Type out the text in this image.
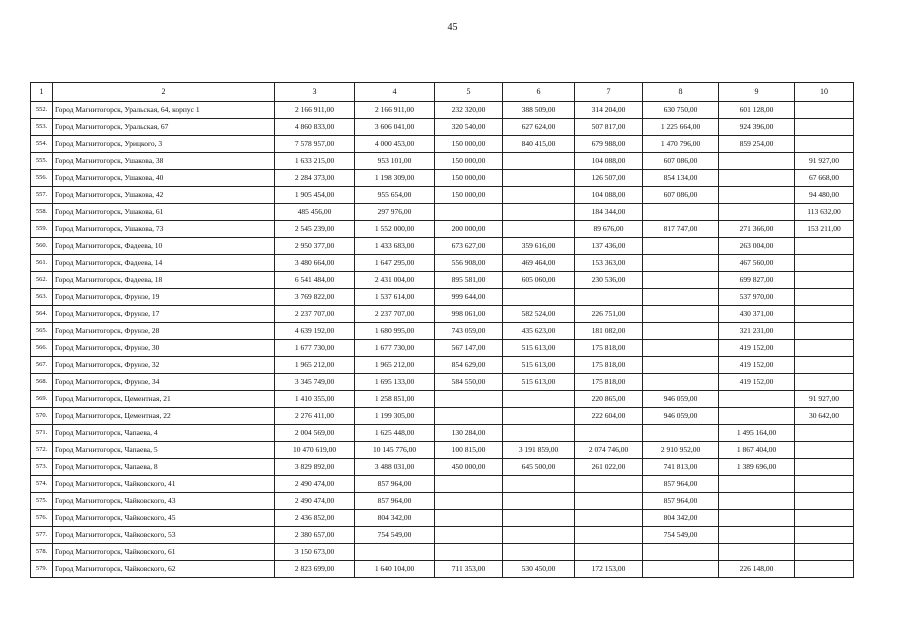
45
1	2	3	4	5	6	7	8	9	10
552.	Город Магнитогорск, Уральская, 64, корпус 1	2 166 911,00	2 166 911,00	232 320,00	388 509,00	314 204,00	630 750,00	601 128,00	
553.	Город Магнитогорск, Уральская, 67	4 860 833,00	3 606 041,00	320 540,00	627 624,00	507 817,00	1 225 664,00	924 396,00	
554.	Город Магнитогорск, Урицкого, 3	7 578 957,00	4 000 453,00	150 000,00	840 415,00	679 988,00	1 470 796,00	859 254,00	
555.	Город Магнитогорск, Ушакова, 38	1 633 215,00	953 101,00	150 000,00		104 088,00	607 086,00		91 927,00
556.	Город Магнитогорск, Ушакова, 40	2 284 373,00	1 198 309,00	150 000,00		126 507,00	854 134,00		67 668,00
557.	Город Магнитогорск, Ушакова, 42	1 905 454,00	955 654,00	150 000,00		104 088,00	607 086,00		94 480,00
558.	Город Магнитогорск, Ушакова, 61	485 456,00	297 976,00			184 344,00			113 632,00
559.	Город Магнитогорск, Ушакова, 73	2 545 239,00	1 552 000,00	200 000,00		89 676,00	817 747,00	271 366,00	153 211,00
560.	Город Магнитогорск, Фадеева, 10	2 950 377,00	1 433 683,00	673 627,00	359 616,00	137 436,00		263 004,00	
561.	Город Магнитогорск, Фадеева, 14	3 480 664,00	1 647 295,00	556 908,00	469 464,00	153 363,00		467 560,00	
562.	Город Магнитогорск, Фадеева, 18	6 541 484,00	2 431 004,00	895 581,00	605 060,00	230 536,00		699 827,00	
563.	Город Магнитогорск, Фрунзе, 19	3 769 822,00	1 537 614,00	999 644,00				537 970,00	
564.	Город Магнитогорск, Фрунзе, 17	2 237 707,00	2 237 707,00	998 061,00	582 524,00	226 751,00		430 371,00	
565.	Город Магнитогорск, Фрунзе, 28	4 639 192,00	1 680 995,00	743 059,00	435 623,00	181 082,00		321 231,00	
566.	Город Магнитогорск, Фрунзе, 30	1 677 730,00	1 677 730,00	567 147,00	515 613,00	175 818,00		419 152,00	
567.	Город Магнитогорск, Фрунзе, 32	1 965 212,00	1 965 212,00	854 629,00	515 613,00	175 818,00		419 152,00	
568.	Город Магнитогорск, Фрунзе, 34	3 345 749,00	1 695 133,00	584 550,00	515 613,00	175 818,00		419 152,00	
569.	Город Магнитогорск, Цементная, 21	1 410 355,00	1 258 851,00			220 865,00	946 059,00		91 927,00
570.	Город Магнитогорск, Цементная, 22	2 276 411,00	1 199 305,00			222 604,00	946 059,00		30 642,00
571.	Город Магнитогорск, Чапаева, 4	2 004 569,00	1 625 448,00	130 284,00				1 495 164,00	
572.	Город Магнитогорск, Чапаева, 5	10 470 619,00	10 145 776,00	100 815,00	3 191 859,00	2 074 746,00	2 910 952,00	1 867 404,00	
573.	Город Магнитогорск, Чапаева, 8	3 829 892,00	3 488 031,00	450 000,00	645 500,00	261 022,00	741 813,00	1 389 696,00	
574.	Город Магнитогорск, Чайковского, 41	2 490 474,00	857 964,00				857 964,00		
575.	Город Магнитогорск, Чайковского, 43	2 490 474,00	857 964,00				857 964,00		
576.	Город Магнитогорск, Чайковского, 45	2 436 852,00	804 342,00				804 342,00		
577.	Город Магнитогорск, Чайковского, 53	2 380 657,00	754 549,00				754 549,00		
578.	Город Магнитогорск, Чайковского, 61	3 150 673,00							
579.	Город Магнитогорск, Чайковского, 62	2 823 699,00	1 640 104,00	711 353,00	530 450,00	172 153,00		226 148,00	
